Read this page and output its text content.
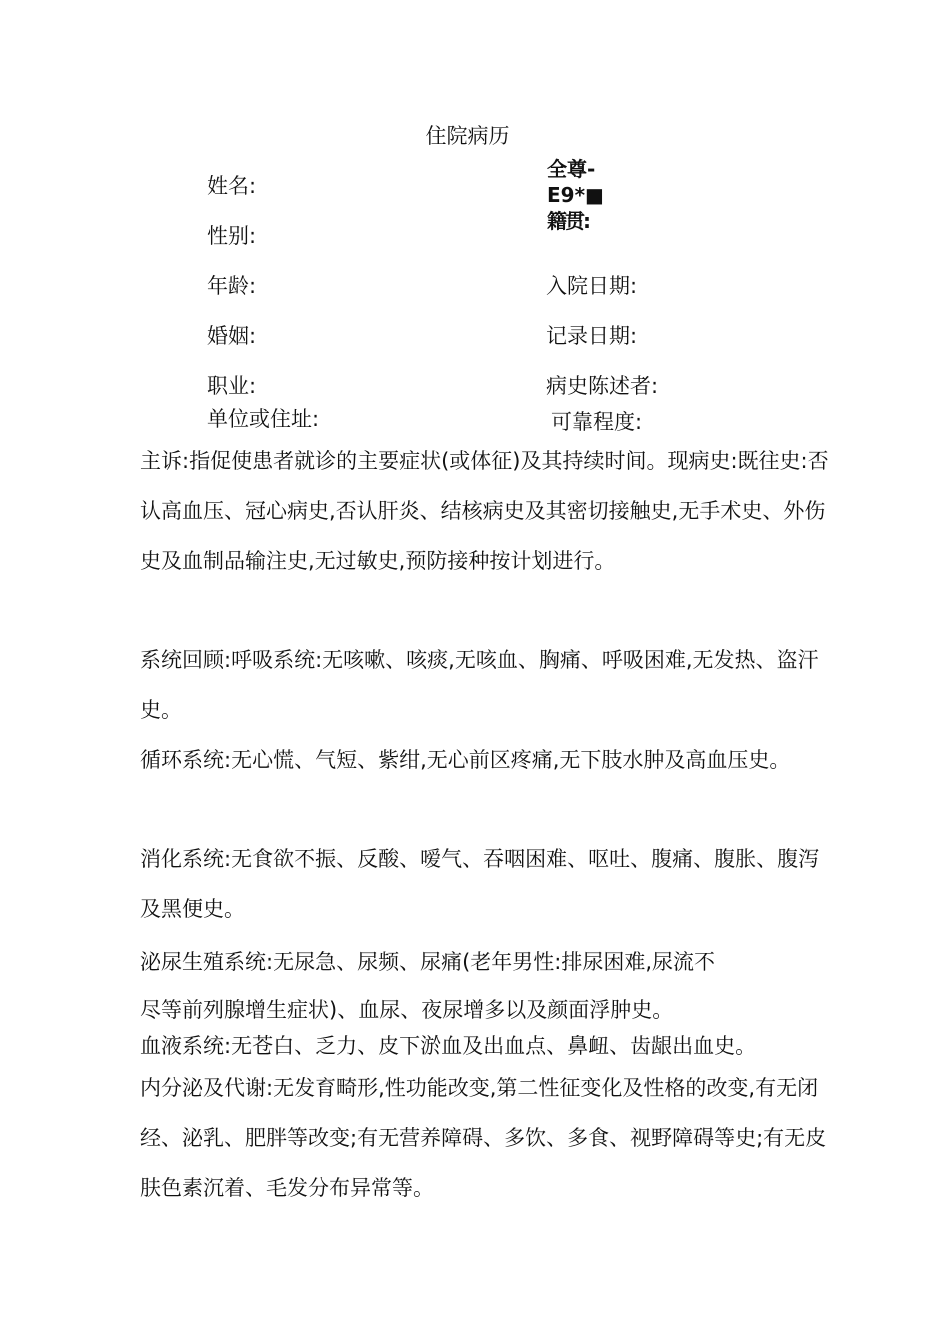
住院病历
姓名:
性别:
年龄:
婚姻:
职业:
单位或住址:
全尊-
E9*■
籍贯:
入院日期:
记录日期:
病史陈述者:
可靠程度:
主诉:指促使患者就诊的主要症状(或体征)及其持续时间。现病史:既往史:否认高血压、冠心病史,否认肝炎、结核病史及其密切接触史,无手术史、外伤史及血制品输注史,无过敏史,预防接种按计划进行。
系统回顾:呼吸系统:无咳嗽、咳痰,无咳血、胸痛、呼吸困难,无发热、盗汗史。
循环系统:无心慌、气短、紫绀,无心前区疼痛,无下肢水肿及高血压史。
消化系统:无食欲不振、反酸、嗳气、吞咽困难、呕吐、腹痛、腹胀、腹泻及黑便史。
泌尿生殖系统:无尿急、尿频、尿痛(老年男性:排尿困难,尿流不
尽等前列腺增生症状)、血尿、夜尿增多以及颜面浮肿史。
血液系统:无苍白、乏力、皮下淤血及出血点、鼻衄、齿龈出血史。
内分泌及代谢:无发育畸形,性功能改变,第二性征变化及性格的改变,有无闭经、泌乳、肥胖等改变;有无营养障碍、多饮、多食、视野障碍等史;有无皮肤色素沉着、毛发分布异常等。
